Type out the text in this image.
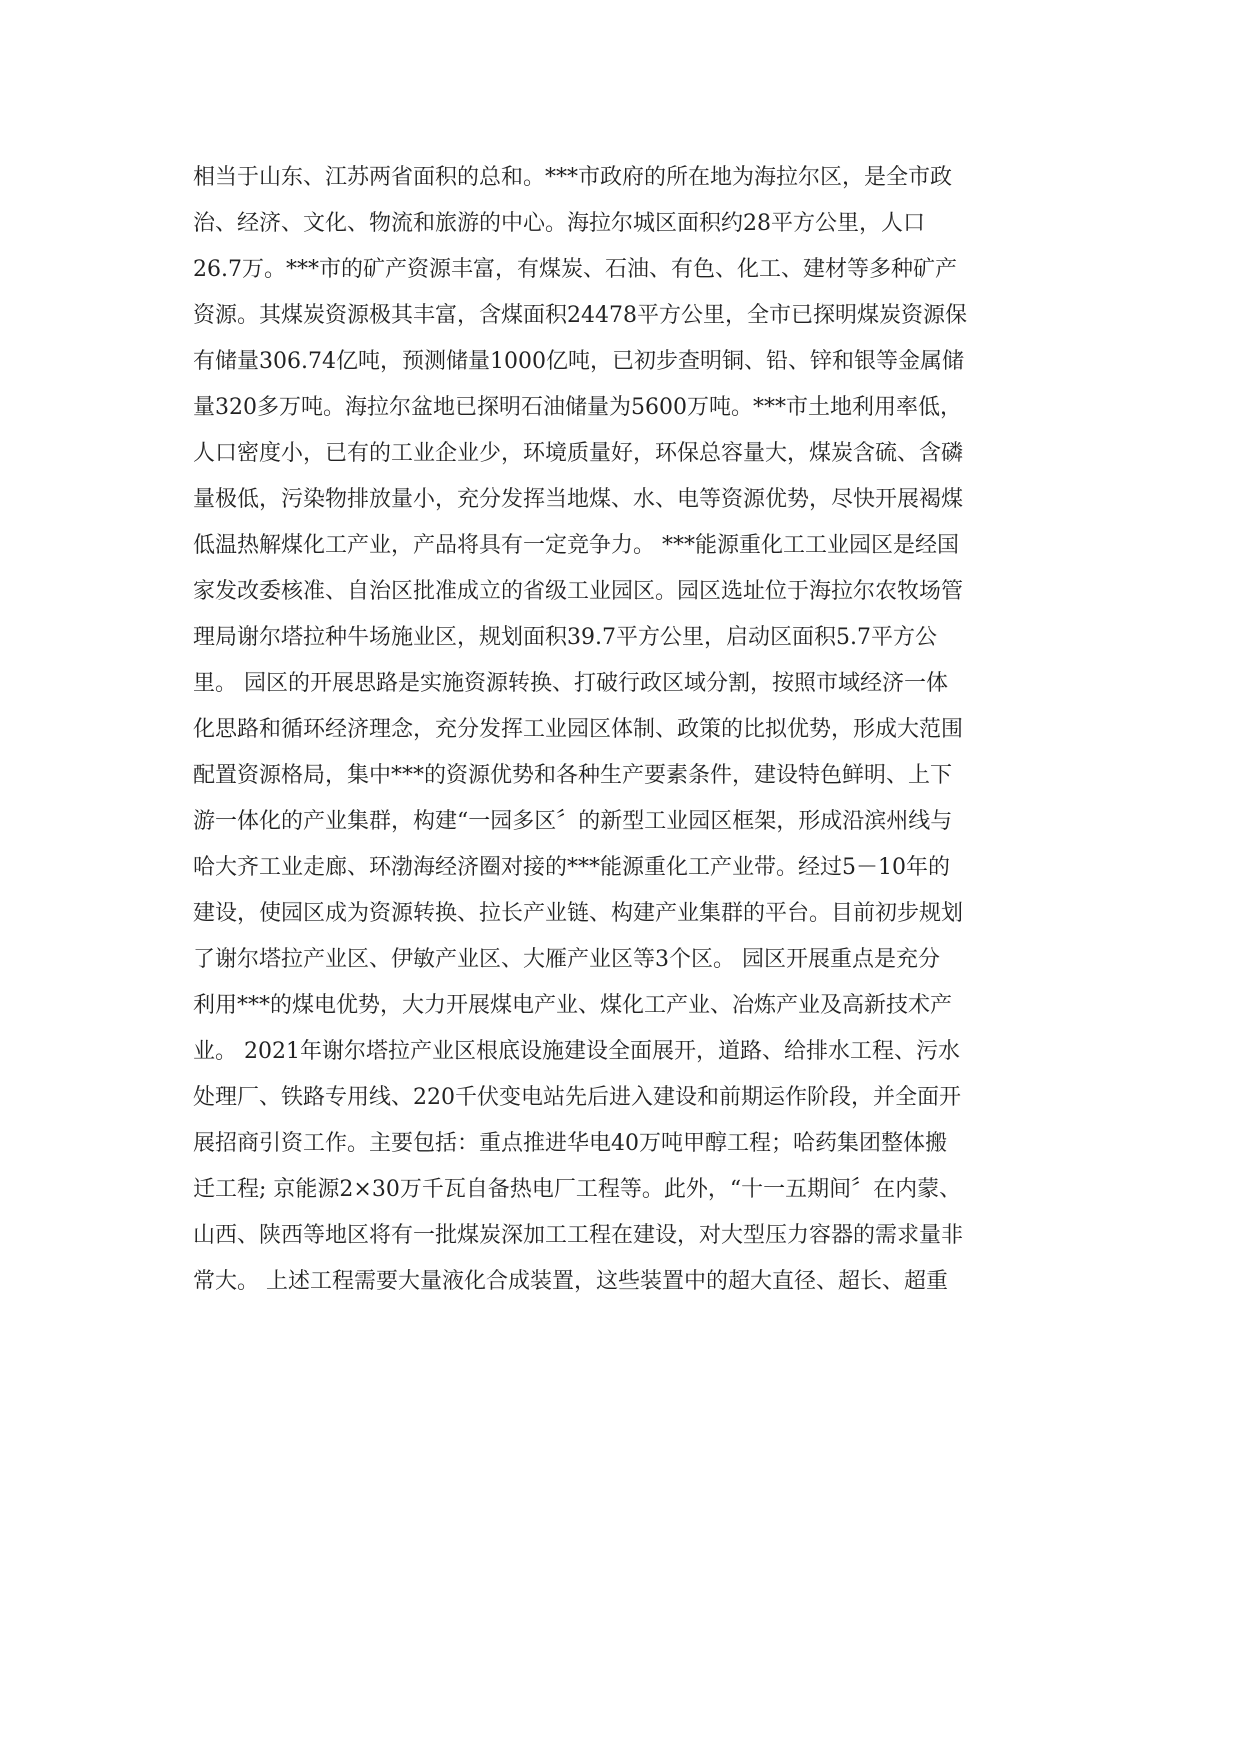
相当于山东、江苏两省面积的总和。***市政府的所在地为海拉尔区，是全市政
治、经济、文化、物流和旅游的中心。海拉尔城区面积约28平方公里，人口
26.7万。***市的矿产资源丰富，有煤炭、石油、有色、化工、建材等多种矿产
资源。其煤炭资源极其丰富，含煤面积24478平方公里，全市已探明煤炭资源保
有储量306.74亿吨，预测储量1000亿吨，已初步查明铜、铅、锌和银等金属储
量320多万吨。海拉尔盆地已探明石油储量为5600万吨。***市土地利用率低，
人口密度小，已有的工业企业少，环境质量好，环保总容量大，煤炭含硫、含磷
量极低，污染物排放量小，充分发挥当地煤、水、电等资源优势，尽快开展褐煤
低温热解煤化工产业，产品将具有一定竞争力。 ***能源重化工工业园区是经国
家发改委核准、自治区批准成立的省级工业园区。园区选址位于海拉尔农牧场管
理局谢尔塔拉种牛场施业区，规划面积39.7平方公里，启动区面积5.7平方公
里。 园区的开展思路是实施资源转换、打破行政区域分割，按照市域经济一体
化思路和循环经济理念，充分发挥工业园区体制、政策的比拟优势，形成大范围
配置资源格局，集中***的资源优势和各种生产要素条件，建设特色鲜明、上下
游一体化的产业集群，构建“一园多区〞的新型工业园区框架，形成沿滨州线与
哈大齐工业走廊、环渤海经济圈对接的***能源重化工产业带。经过5－10年的
建设，使园区成为资源转换、拉长产业链、构建产业集群的平台。目前初步规划
了谢尔塔拉产业区、伊敏产业区、大雁产业区等3个区。 园区开展重点是充分
利用***的煤电优势，大力开展煤电产业、煤化工产业、冶炼产业及高新技术产
业。 2021年谢尔塔拉产业区根底设施建设全面展开，道路、给排水工程、污水
处理厂、铁路专用线、220千伏变电站先后进入建设和前期运作阶段，并全面开
展招商引资工作。主要包括：重点推进华电40万吨甲醇工程；哈药集团整体搬
迁工程; 京能源2×30万千瓦自备热电厂工程等。此外，“十一五期间〞在内蒙、
山西、陕西等地区将有一批煤炭深加工工程在建设，对大型压力容器的需求量非
常大。 上述工程需要大量液化合成装置，这些装置中的超大直径、超长、超重
